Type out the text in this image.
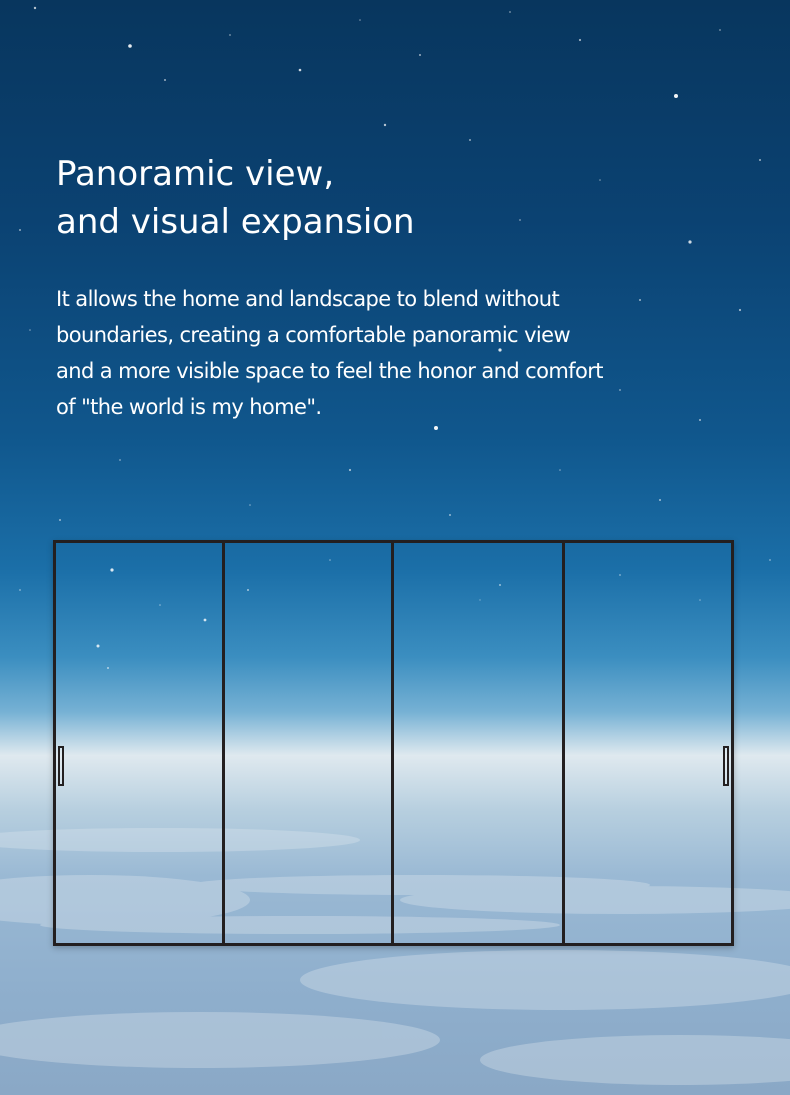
Panoramic view,
and visual expansion

It allows the home and landscape to blend without
boundaries, creating a comfortable panoramic view
and a more visible space to feel the honor and comfort
of "the world is my home".
